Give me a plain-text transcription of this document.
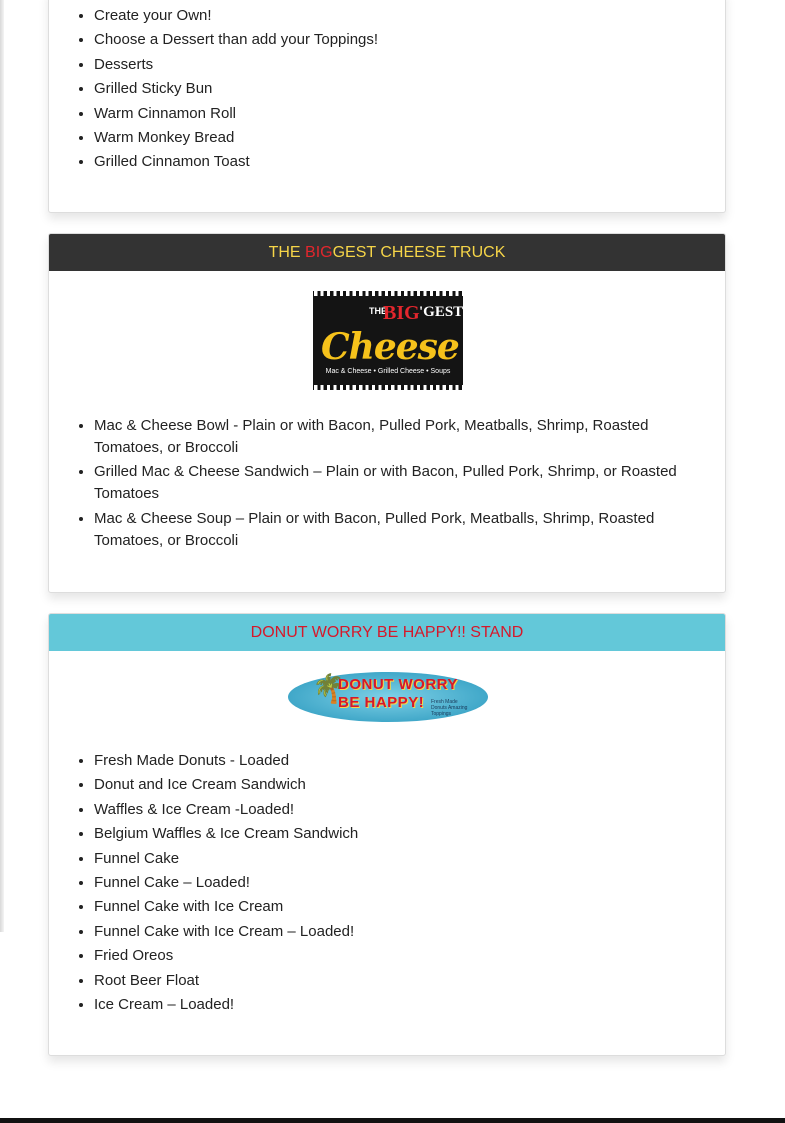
• Create your Own!
• Choose a Dessert than add your Toppings!
• Desserts
• Grilled Sticky Bun
• Warm Cinnamon Roll
• Warm Monkey Bread
• Grilled Cinnamon Toast
THE BIGGEST CHEESE TRUCK
THE
BIG 'GEST
Cheese
Mac & Cheese • Grilled Cheese • Soups
• Mac & Cheese Bowl - Plain or with Bacon, Pulled Pork, Meatballs, Shrimp, Roasted Tomatoes, or Broccoli
• Grilled Mac & Cheese Sandwich – Plain or with Bacon, Pulled Pork, Shrimp, or Roasted Tomatoes
• Mac & Cheese Soup – Plain or with Bacon, Pulled Pork, Meatballs, Shrimp, Roasted Tomatoes, or Broccoli
DONUT WORRY BE HAPPY!! STAND
🌴
DONUT WORRY
BE HAPPY! Fresh Made Donuts Amazing Toppings
• Fresh Made Donuts - Loaded
• Donut and Ice Cream Sandwich
• Waffles & Ice Cream -Loaded!
• Belgium Waffles & Ice Cream Sandwich
• Funnel Cake
• Funnel Cake – Loaded!
• Funnel Cake with Ice Cream
• Funnel Cake with Ice Cream – Loaded!
• Fried Oreos
• Root Beer Float
• Ice Cream – Loaded!
